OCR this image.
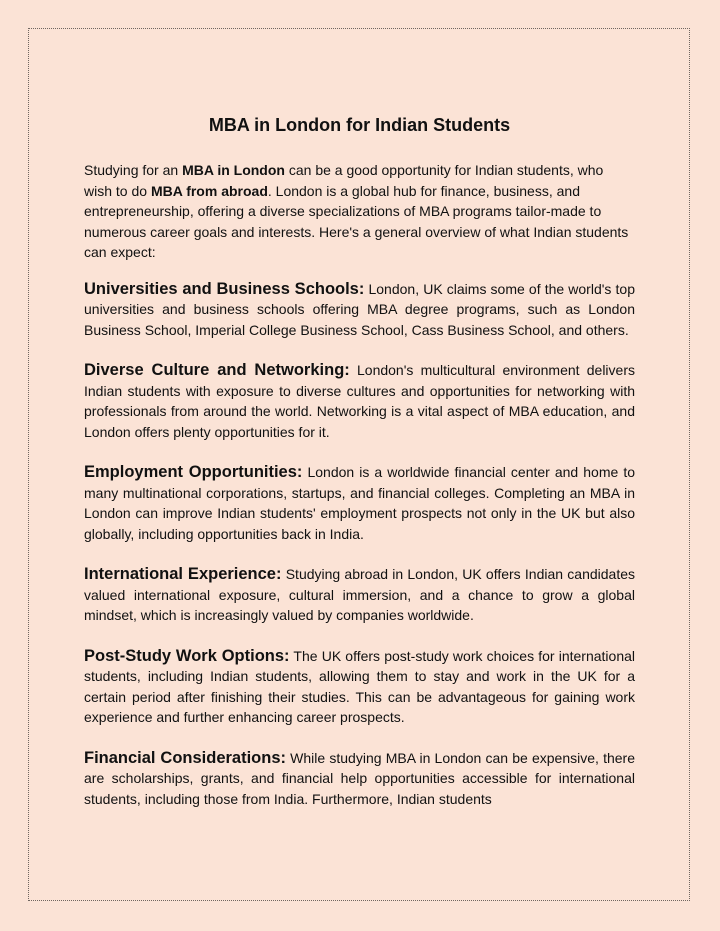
MBA in London for Indian Students

Studying for an MBA in London can be a good opportunity for Indian students, who wish to do MBA from abroad. London is a global hub for finance, business, and entrepreneurship, offering a diverse specializations of MBA programs tailor-made to numerous career goals and interests. Here's a general overview of what Indian students can expect:

Universities and Business Schools: London, UK claims some of the world's top universities and business schools offering MBA degree programs, such as London Business School, Imperial College Business School, Cass Business School, and others.

Diverse Culture and Networking: London's multicultural environment delivers Indian students with exposure to diverse cultures and opportunities for networking with professionals from around the world. Networking is a vital aspect of MBA education, and London offers plenty opportunities for it.

Employment Opportunities: London is a worldwide financial center and home to many multinational corporations, startups, and financial colleges. Completing an MBA in London can improve Indian students' employment prospects not only in the UK but also globally, including opportunities back in India.

International Experience: Studying abroad in London, UK offers Indian candidates valued international exposure, cultural immersion, and a chance to grow a global mindset, which is increasingly valued by companies worldwide.

Post-Study Work Options: The UK offers post-study work choices for international students, including Indian students, allowing them to stay and work in the UK for a certain period after finishing their studies. This can be advantageous for gaining work experience and further enhancing career prospects.

Financial Considerations: While studying MBA in London can be expensive, there are scholarships, grants, and financial help opportunities accessible for international students, including those from India. Furthermore, Indian students
